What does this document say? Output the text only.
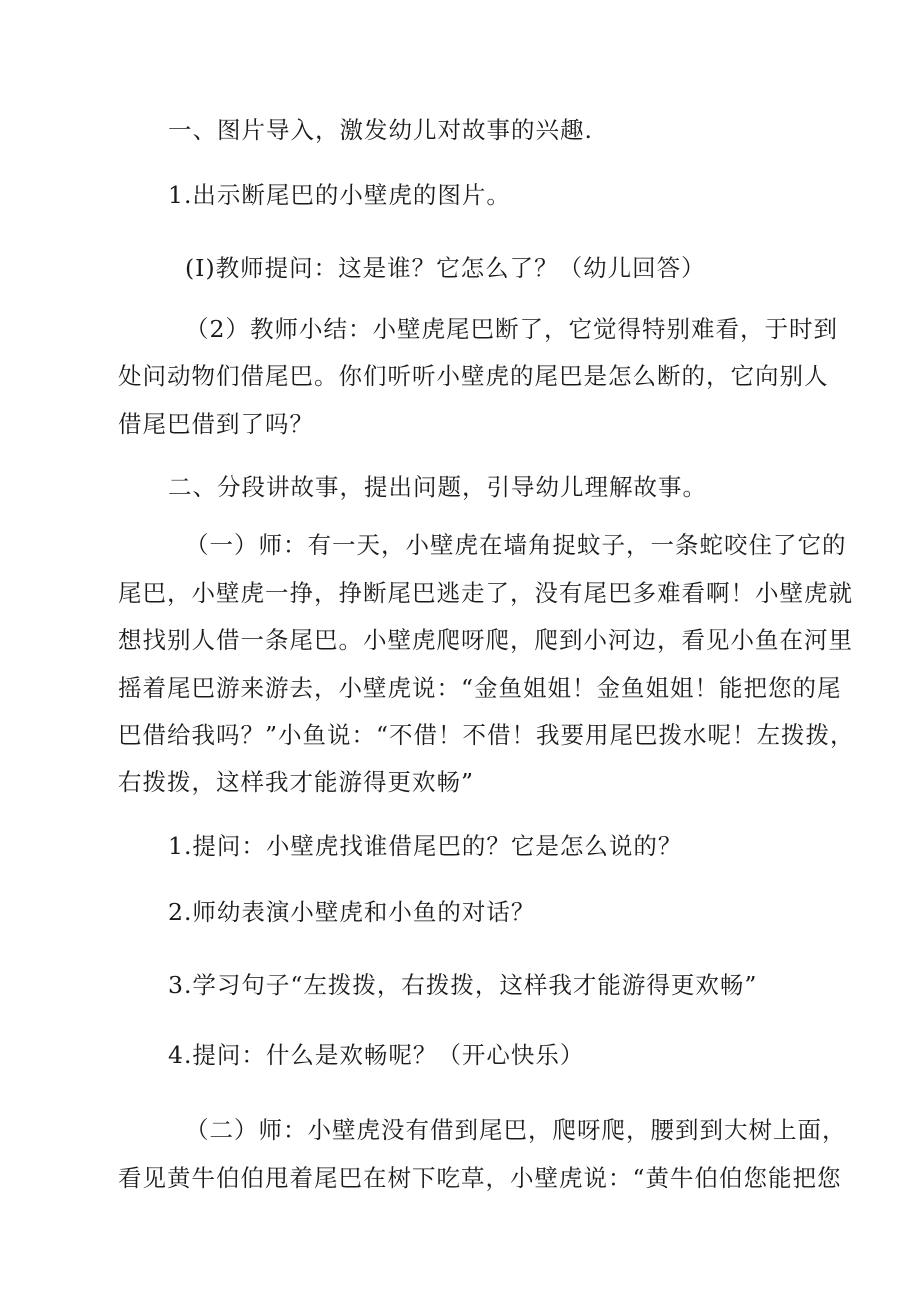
一、图片导入，激发幼儿对故事的兴趣.
1.出示断尾巴的小壁虎的图片。
(I)教师提问：这是谁？它怎么了？（幼儿回答）
（2）教师小结：小壁虎尾巴断了，它觉得特别难看，于时到
处问动物们借尾巴。你们听听小壁虎的尾巴是怎么断的，它向别人
借尾巴借到了吗？
二、分段讲故事，提出问题，引导幼儿理解故事。
（一）师：有一天，小壁虎在墙角捉蚊子，一条蛇咬住了它的
尾巴，小壁虎一挣，挣断尾巴逃走了，没有尾巴多难看啊！小壁虎就
想找别人借一条尾巴。小壁虎爬呀爬，爬到小河边，看见小鱼在河里
摇着尾巴游来游去，小壁虎说：“金鱼姐姐！金鱼姐姐！能把您的尾
巴借给我吗？”小鱼说：“不借！不借！我要用尾巴拨水呢！左拨拨，
右拨拨，这样我才能游得更欢畅”
1.提问：小壁虎找谁借尾巴的？它是怎么说的？
2.师幼表演小壁虎和小鱼的对话？
3.学习句子“左拨拨，右拨拨，这样我才能游得更欢畅”
4.提问：什么是欢畅呢？（开心快乐）
（二）师：小壁虎没有借到尾巴，爬呀爬，腰到到大树上面，
看见黄牛伯伯甩着尾巴在树下吃草，小壁虎说：“黄牛伯伯您能把您
